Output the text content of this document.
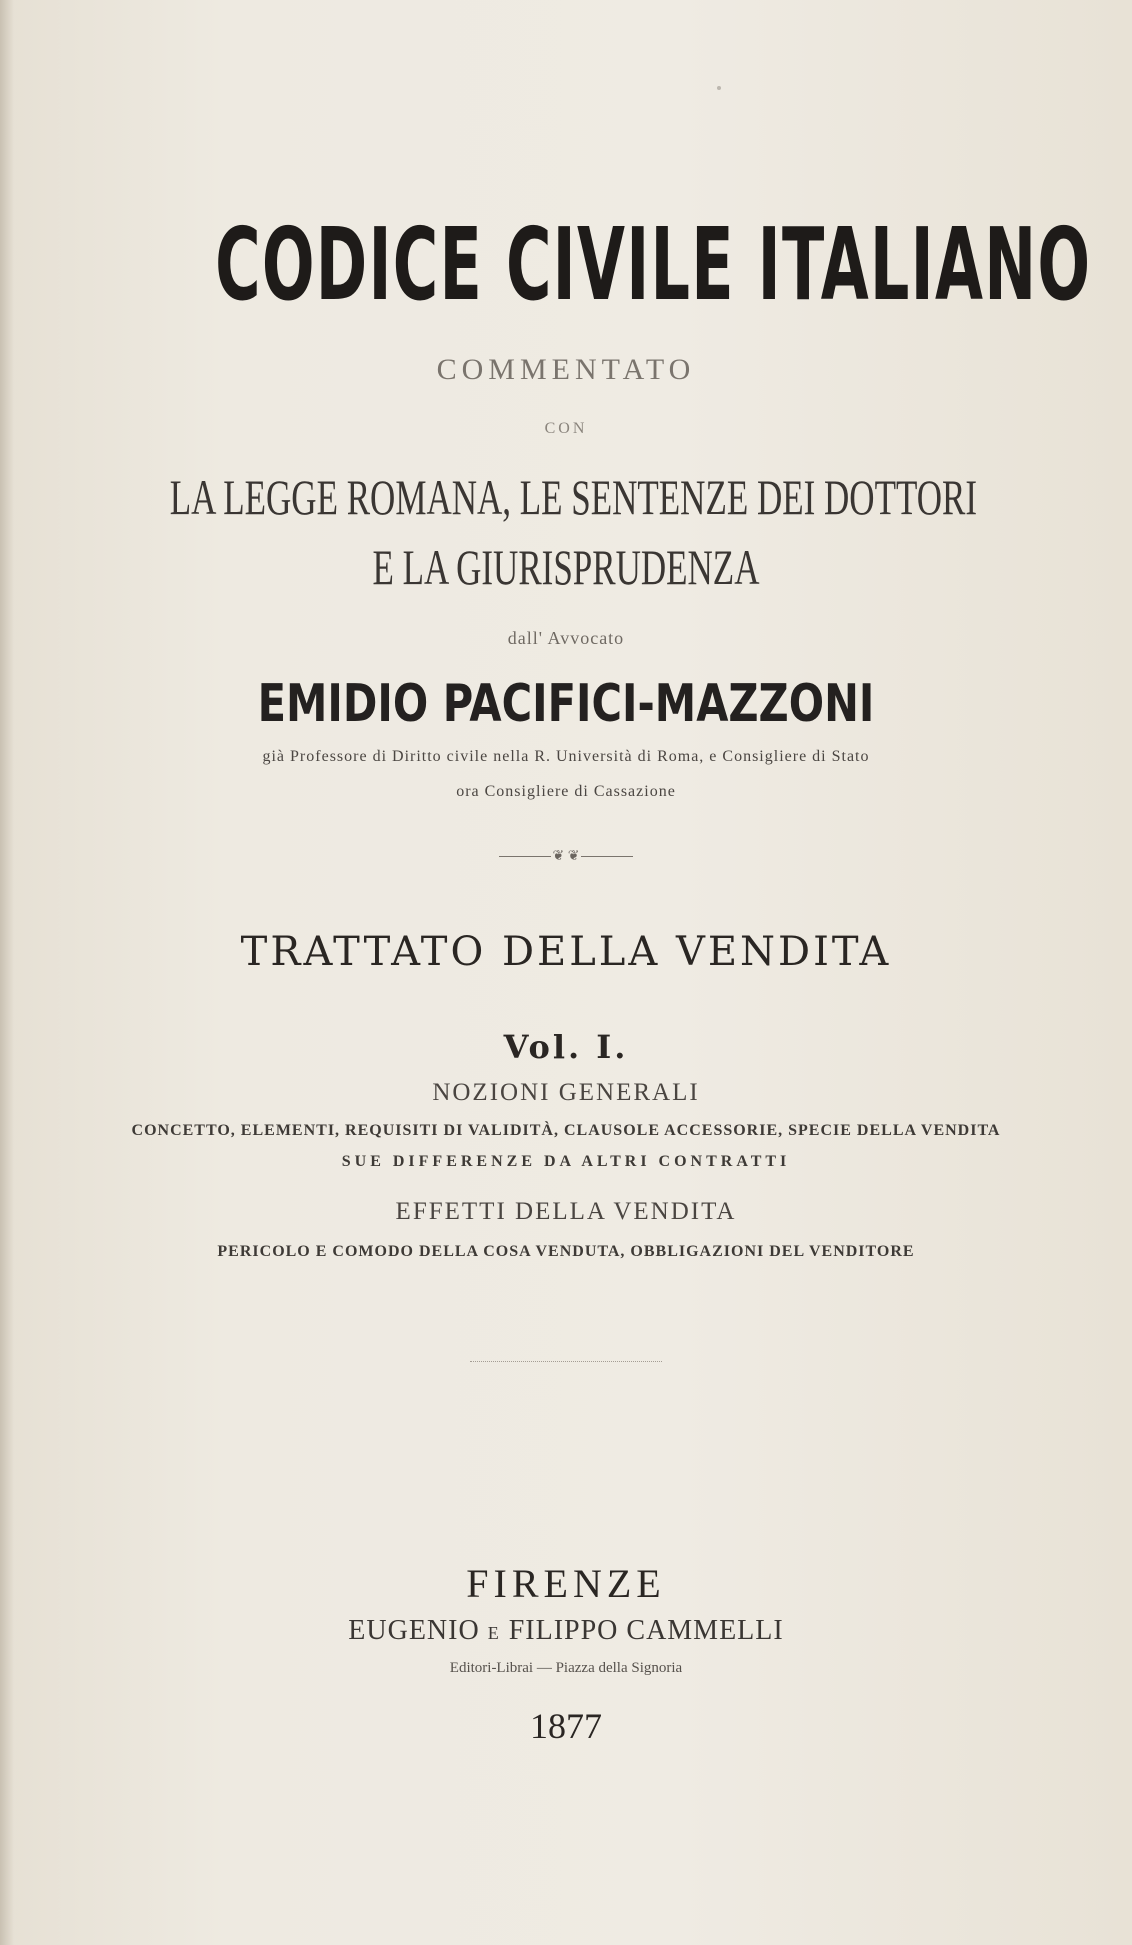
CODICE CIVILE ITALIANO
COMMENTATO
CON
LA LEGGE ROMANA, LE SENTENZE DEI DOTTORI
E LA GIURISPRUDENZA
dall' Avvocato
EMIDIO PACIFICI-MAZZONI
già Professore di Diritto civile nella R. Università di Roma, e Consigliere di Stato
ora Consigliere di Cassazione
❦ ❦
TRATTATO DELLA VENDITA
Vol. I.
NOZIONI GENERALI
CONCETTO, ELEMENTI, REQUISITI DI VALIDITÀ, CLAUSOLE ACCESSORIE, SPECIE DELLA VENDITA
SUE DIFFERENZE DA ALTRI CONTRATTI
EFFETTI DELLA VENDITA
PERICOLO E COMODO DELLA COSA VENDUTA, OBBLIGAZIONI DEL VENDITORE
FIRENZE
EUGENIO E FILIPPO CAMMELLI
Editori-Librai — Piazza della Signoria
1877
